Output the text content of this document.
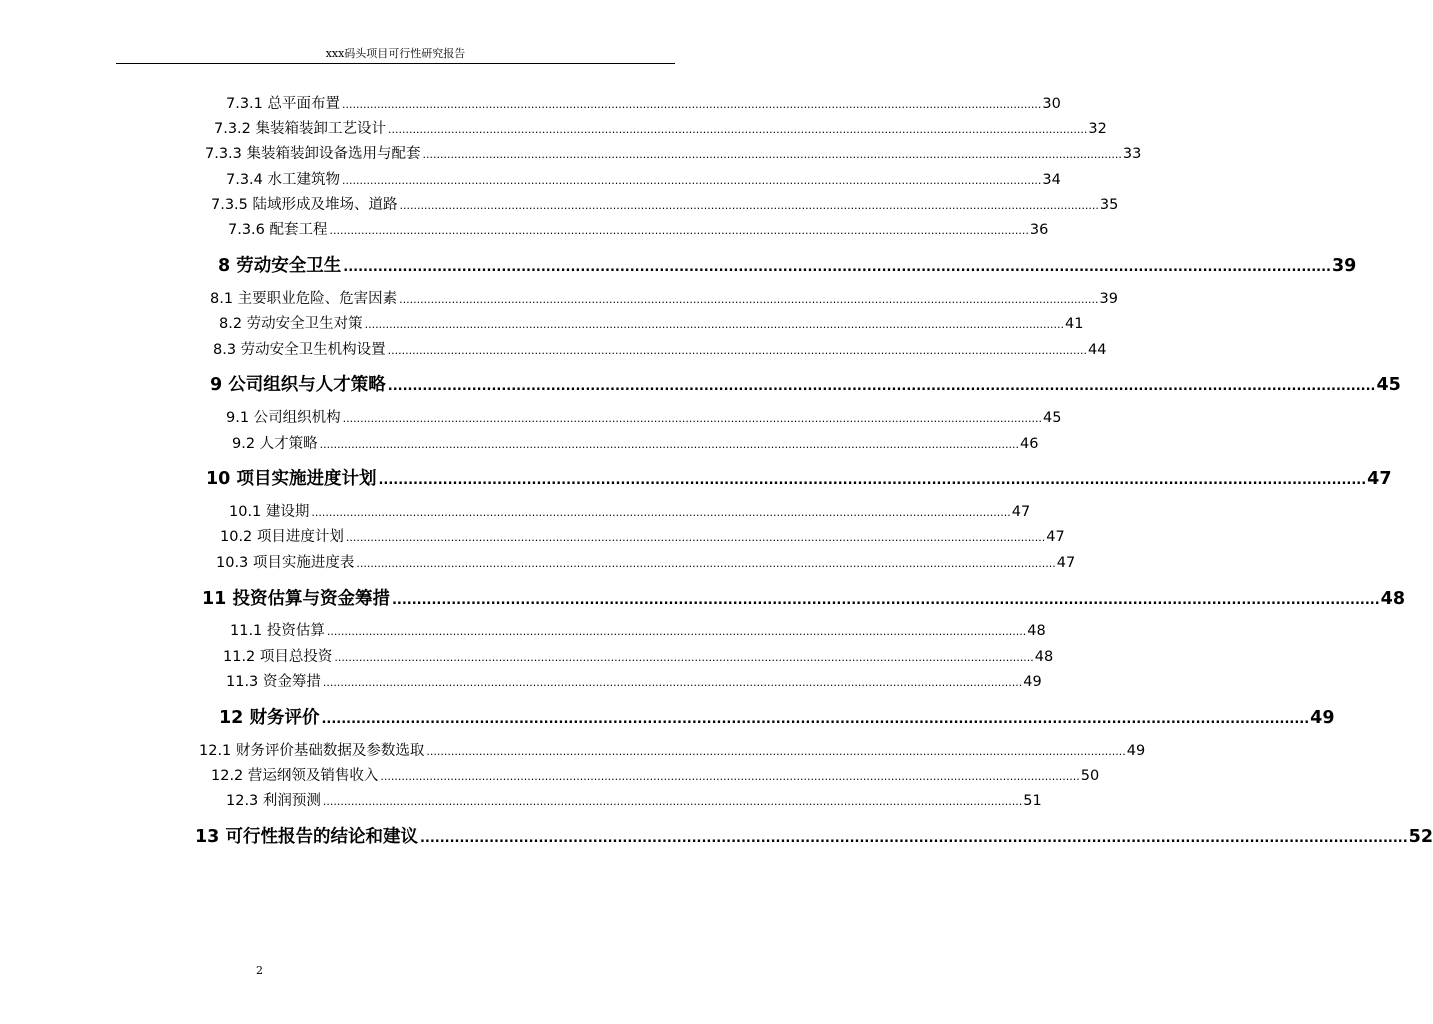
xxx码头项目可行性研究报告
7.3.1 总平面布置 ........................................................................................................................................................................................................ 30
7.3.2 集装箱装卸工艺设计 ........................................................................................................................................................................................................ 32
7.3.3 集装箱装卸设备选用与配套 ........................................................................................................................................................................................................ 33
7.3.4 水工建筑物 ........................................................................................................................................................................................................ 34
7.3.5 陆域形成及堆场、道路 ........................................................................................................................................................................................................ 35
7.3.6 配套工程 ........................................................................................................................................................................................................ 36
8 劳动安全卫生 ........................................................................................................................................................................................................ 39
8.1 主要职业危险、危害因素 ........................................................................................................................................................................................................ 39
8.2 劳动安全卫生对策 ........................................................................................................................................................................................................ 41
8.3 劳动安全卫生机构设置 ........................................................................................................................................................................................................ 44
9 公司组织与人才策略 ........................................................................................................................................................................................................ 45
9.1 公司组织机构 ........................................................................................................................................................................................................ 45
9.2 人才策略 ........................................................................................................................................................................................................ 46
10 项目实施进度计划 ........................................................................................................................................................................................................ 47
10.1 建设期 ........................................................................................................................................................................................................ 47
10.2 项目进度计划 ........................................................................................................................................................................................................ 47
10.3 项目实施进度表 ........................................................................................................................................................................................................ 47
11 投资估算与资金筹措 ........................................................................................................................................................................................................ 48
11.1 投资估算 ........................................................................................................................................................................................................ 48
11.2 项目总投资 ........................................................................................................................................................................................................ 48
11.3 资金筹措 ........................................................................................................................................................................................................ 49
12 财务评价 ........................................................................................................................................................................................................ 49
12.1 财务评价基础数据及参数选取 ........................................................................................................................................................................................................ 49
12.2 营运纲领及销售收入 ........................................................................................................................................................................................................ 50
12.3 利润预测 ........................................................................................................................................................................................................ 51
13 可行性报告的结论和建议 ........................................................................................................................................................................................................ 52
2
